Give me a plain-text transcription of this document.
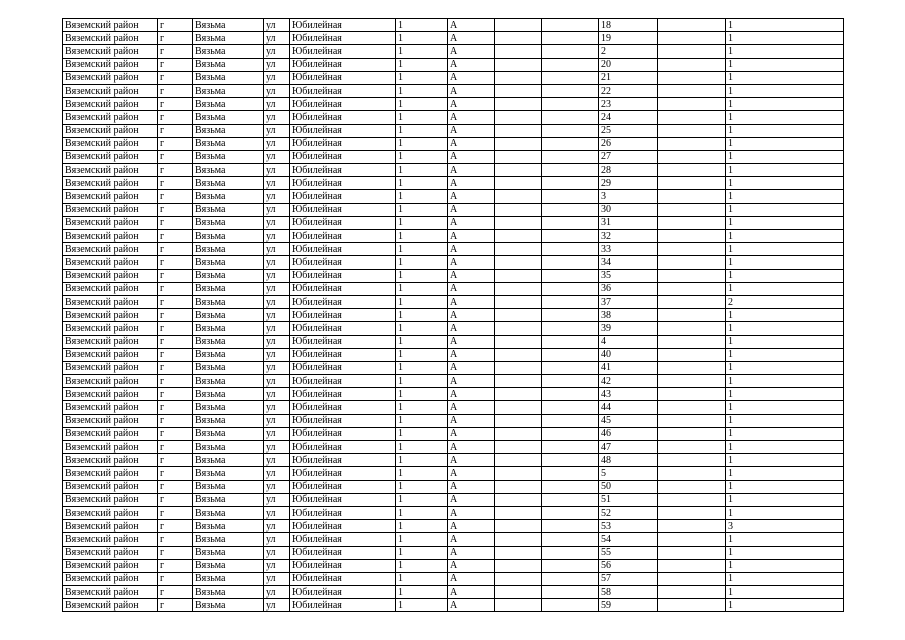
Вяземский район	г	Вязьма	ул	Юбилейная	1	А			18		1
Вяземский район	г	Вязьма	ул	Юбилейная	1	А			19		1
Вяземский район	г	Вязьма	ул	Юбилейная	1	А			2		1
Вяземский район	г	Вязьма	ул	Юбилейная	1	А			20		1
Вяземский район	г	Вязьма	ул	Юбилейная	1	А			21		1
Вяземский район	г	Вязьма	ул	Юбилейная	1	А			22		1
Вяземский район	г	Вязьма	ул	Юбилейная	1	А			23		1
Вяземский район	г	Вязьма	ул	Юбилейная	1	А			24		1
Вяземский район	г	Вязьма	ул	Юбилейная	1	А			25		1
Вяземский район	г	Вязьма	ул	Юбилейная	1	А			26		1
Вяземский район	г	Вязьма	ул	Юбилейная	1	А			27		1
Вяземский район	г	Вязьма	ул	Юбилейная	1	А			28		1
Вяземский район	г	Вязьма	ул	Юбилейная	1	А			29		1
Вяземский район	г	Вязьма	ул	Юбилейная	1	А			3		1
Вяземский район	г	Вязьма	ул	Юбилейная	1	А			30		1
Вяземский район	г	Вязьма	ул	Юбилейная	1	А			31		1
Вяземский район	г	Вязьма	ул	Юбилейная	1	А			32		1
Вяземский район	г	Вязьма	ул	Юбилейная	1	А			33		1
Вяземский район	г	Вязьма	ул	Юбилейная	1	А			34		1
Вяземский район	г	Вязьма	ул	Юбилейная	1	А			35		1
Вяземский район	г	Вязьма	ул	Юбилейная	1	А			36		1
Вяземский район	г	Вязьма	ул	Юбилейная	1	А			37		2
Вяземский район	г	Вязьма	ул	Юбилейная	1	А			38		1
Вяземский район	г	Вязьма	ул	Юбилейная	1	А			39		1
Вяземский район	г	Вязьма	ул	Юбилейная	1	А			4		1
Вяземский район	г	Вязьма	ул	Юбилейная	1	А			40		1
Вяземский район	г	Вязьма	ул	Юбилейная	1	А			41		1
Вяземский район	г	Вязьма	ул	Юбилейная	1	А			42		1
Вяземский район	г	Вязьма	ул	Юбилейная	1	А			43		1
Вяземский район	г	Вязьма	ул	Юбилейная	1	А			44		1
Вяземский район	г	Вязьма	ул	Юбилейная	1	А			45		1
Вяземский район	г	Вязьма	ул	Юбилейная	1	А			46		1
Вяземский район	г	Вязьма	ул	Юбилейная	1	А			47		1
Вяземский район	г	Вязьма	ул	Юбилейная	1	А			48		1
Вяземский район	г	Вязьма	ул	Юбилейная	1	А			5		1
Вяземский район	г	Вязьма	ул	Юбилейная	1	А			50		1
Вяземский район	г	Вязьма	ул	Юбилейная	1	А			51		1
Вяземский район	г	Вязьма	ул	Юбилейная	1	А			52		1
Вяземский район	г	Вязьма	ул	Юбилейная	1	А			53		3
Вяземский район	г	Вязьма	ул	Юбилейная	1	А			54		1
Вяземский район	г	Вязьма	ул	Юбилейная	1	А			55		1
Вяземский район	г	Вязьма	ул	Юбилейная	1	А			56		1
Вяземский район	г	Вязьма	ул	Юбилейная	1	А			57		1
Вяземский район	г	Вязьма	ул	Юбилейная	1	А			58		1
Вяземский район	г	Вязьма	ул	Юбилейная	1	А			59		1
